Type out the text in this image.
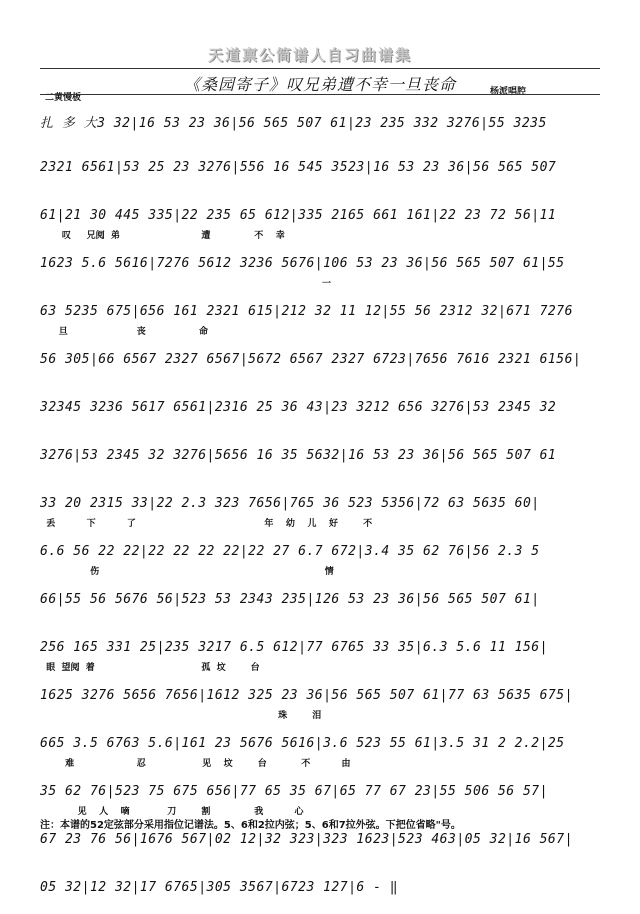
天道禀公简谱人自习曲谱集
《桑园寄子》叹兄弟遭不幸一旦丧命
二黄慢板
杨派唱腔
扎 多 大3 32|16 53 23 36|56 565 507 61|23 235 332 3276|55 3235
2321 6561|53 25 23 3276|556 16 545 3523|16 53 23 36|56 565 507
61|21 30 445 335|22 235 65 612|335 2165 661 161|22 23 72 56|11
叹     兄阋  弟                          遭              不    幸
1623 5.6 5616|7276 5612 3236 5676|106 53 23 36|56 565 507 61|55
一
63 5235 675|656 161 2321 615|212 32 11 12|55 56 2312 32|671 7276
旦                      丧                 命
56 305|66 6567 2327 6567|5672 6567 2327 6723|7656 7616 2321 6156|
32345 3236 5617 6561|2316 25 36 43|23 3212 656 3276|53 2345 32
3276|53 2345 32 3276|5656 16 35 5632|16 53 23 36|56 565 507 61
33 20 2315 33|22 2.3 323 7656|765 36 523 5356|72 63 5635 60|
丢          下          了                                         年    幼    儿    好        不
6.6 56 22 22|22 22 22 22|22 27 6.7 672|3.4 35 62 76|56 2.3 5
伤                                                                        情
66|55 56 5676 56|523 53 2343 235|126 53 23 36|56 565 507 61|
256 165 331 25|235 3217 6.5 612|77 6765 33 35|6.3 5.6 11 156|
眼  望阋  着                                  孤  坟        台
1625 3276 5656 7656|1612 325 23 36|56 565 507 61|77 63 5635 675|
珠        泪
665 3.5 6763 5.6|161 23 5676 5616|3.6 523 55 61|3.5 31 2 2.2|25
难                    忍                  见    坟        台           不          由
35 62 76|523 75 675 656|77 65 35 67|65 77 67 23|55 506 56 57|
见    人    嘀            刀        割              我          心
67 23 76 56|1676 567|02 12|32 323|323 1623|523 463|05 32|16 567|
05 32|12 32|17 6765|305 3567|6723 127|6 - ‖
注：本谱的52定弦部分采用指位记谱法。5、6和2拉内弦；5、6和7拉外弦。下把位省略"号。
